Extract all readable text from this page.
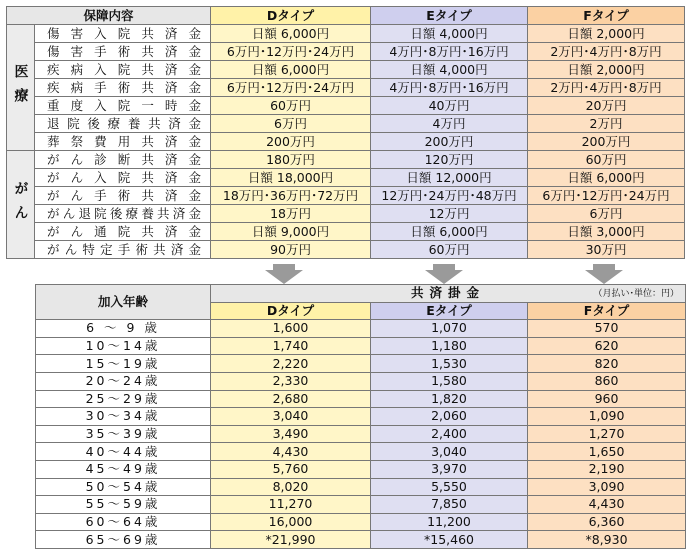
保障内容		Dタイプ	Eタイプ	Fタイプ
医療	傷害入院共済金	日額 6,000円	日額 4,000円	日額 2,000円
	傷害手術共済金	6万円･12万円･24万円	4万円･8万円･16万円	2万円･4万円･8万円
	疾病入院共済金	日額 6,000円	日額 4,000円	日額 2,000円
	疾病手術共済金	6万円･12万円･24万円	4万円･8万円･16万円	2万円･4万円･8万円
	重度入院一時金	60万円	40万円	20万円
	退院後療養共済金	6万円	4万円	2万円
	葬祭費用共済金	200万円	200万円	200万円
がん	がん診断共済金	180万円	120万円	60万円
	がん入院共済金	日額 18,000円	日額 12,000円	日額 6,000円
	がん手術共済金	18万円･36万円･72万円	12万円･24万円･48万円	6万円･12万円･24万円
	がん退院後療養共済金	18万円	12万円	6万円
	がん通院共済金	日額 9,000円	日額 6,000円	日額 3,000円
	がん特定手術共済金	90万円	60万円	30万円
加入年齢	共済掛金 （月払い･単位：円）		

	Dタイプ	Eタイプ	Fタイプ
6 ～ 9 歳	1,600	1,070	570
10～14歳	1,740	1,180	620
15～19歳	2,220	1,530	820
20～24歳	2,330	1,580	860
25～29歳	2,680	1,820	960
30～34歳	3,040	2,060	1,090
35～39歳	3,490	2,400	1,270
40～44歳	4,430	3,040	1,650
45～49歳	5,760	3,970	2,190
50～54歳	8,020	5,550	3,090
55～59歳	11,270	7,850	4,430
60～64歳	16,000	11,200	6,360
65～69歳	*21,990	*15,460	*8,930
